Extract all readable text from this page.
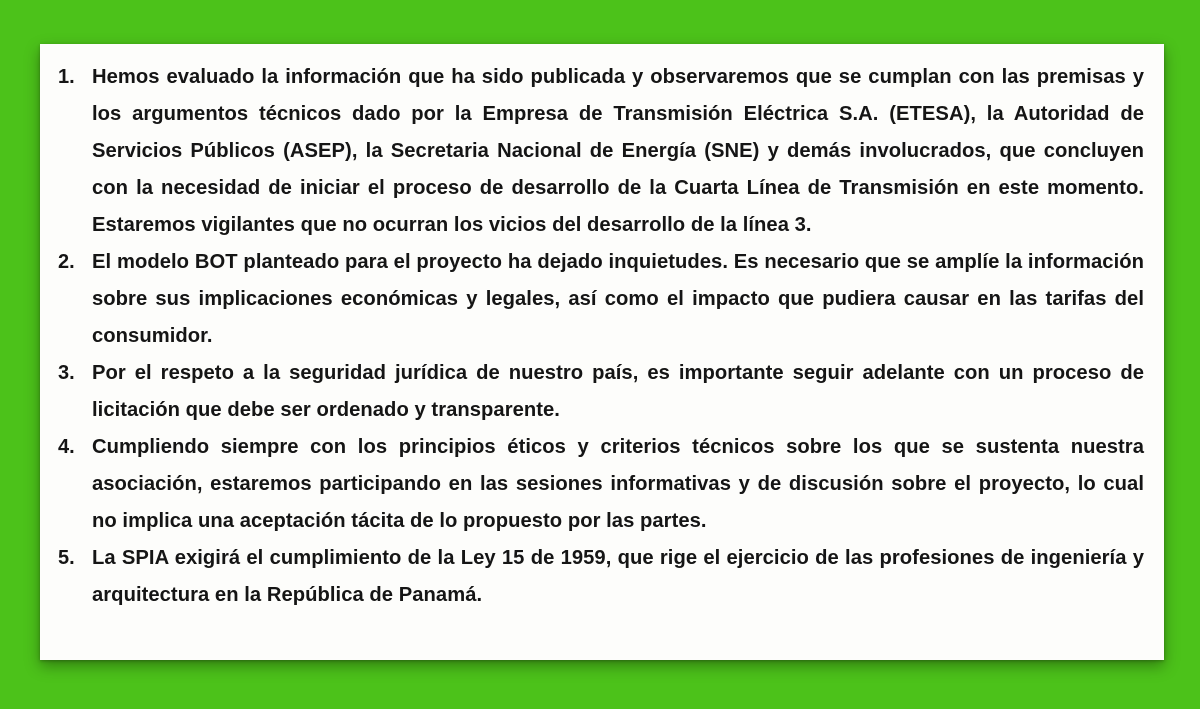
1. Hemos evaluado la información que ha sido publicada y observaremos que se cumplan con las premisas y los argumentos técnicos dado por la Empresa de Transmisión Eléctrica S.A. (ETESA), la Autoridad de Servicios Públicos (ASEP), la Secretaria Nacional de Energía (SNE) y demás involucrados, que concluyen con la necesidad de iniciar el proceso de desarrollo de la Cuarta Línea de Transmisión en este momento. Estaremos vigilantes que no ocurran los vicios del desarrollo de la línea 3.
2. El modelo BOT planteado para el proyecto ha dejado inquietudes. Es necesario que se amplíe la información sobre sus implicaciones económicas y legales, así como el impacto que pudiera causar en las tarifas del consumidor.
3. Por el respeto a la seguridad jurídica de nuestro país, es importante seguir adelante con un proceso de licitación que debe ser ordenado y transparente.
4. Cumpliendo siempre con los principios éticos y criterios técnicos sobre los que se sustenta nuestra asociación, estaremos participando en las sesiones informativas y de discusión sobre el proyecto, lo cual no implica una aceptación tácita de lo propuesto por las partes.
5. La SPIA exigirá el cumplimiento de la Ley 15 de 1959, que rige el ejercicio de las profesiones de ingeniería y arquitectura en la República de Panamá.
